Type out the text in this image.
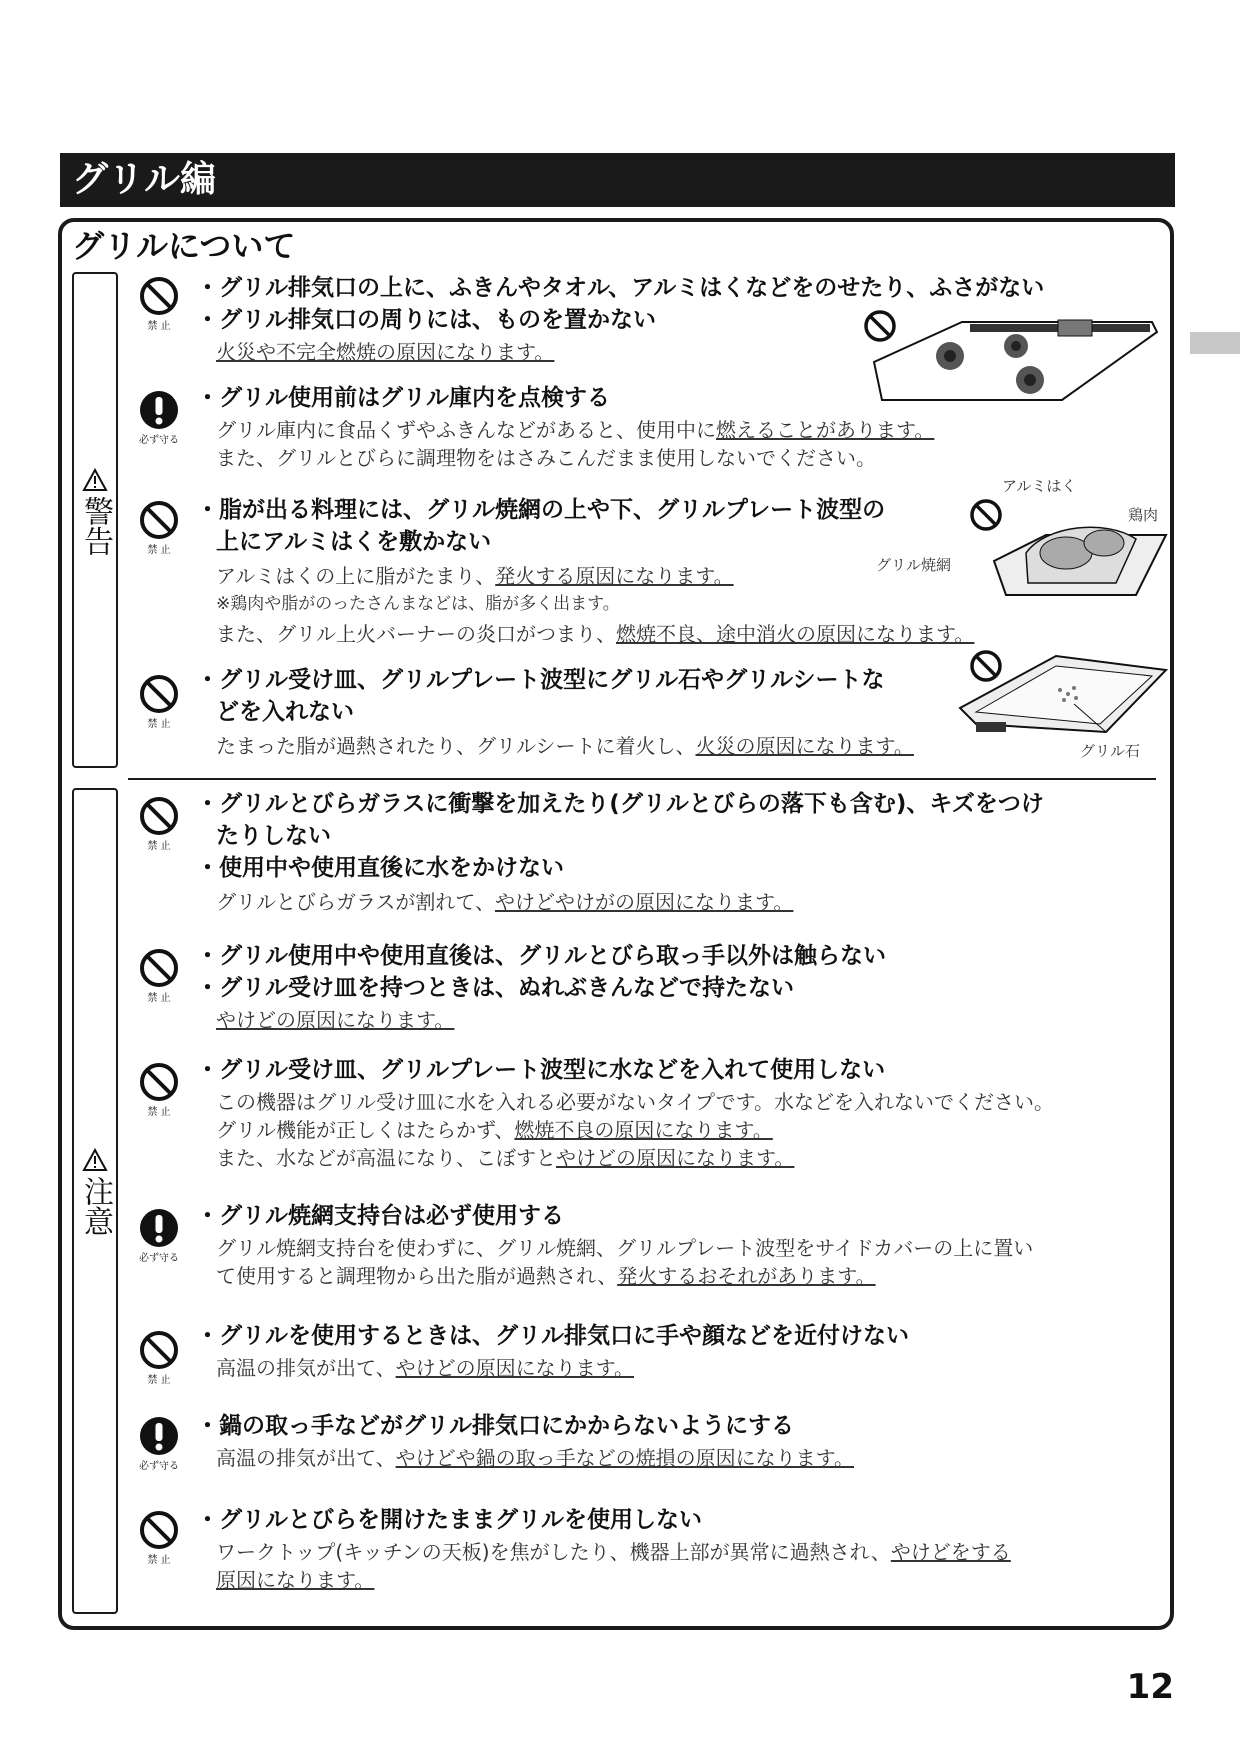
グリル編
グリルについて
警告
注意
禁 止
・グリル排気口の上に、ふきんやタオル、アルミはくなどをのせたり、ふさがない
・グリル排気口の周りには、ものを置かない
火災や不完全燃焼の原因になります。
必ず守る
・グリル使用前はグリル庫内を点検する
グリル庫内に食品くずやふきんなどがあると、使用中に燃えることがあります。
また、グリルとびらに調理物をはさみこんだまま使用しないでください。
禁 止
・脂が出る料理には、グリル焼網の上や下、グリルプレート波型の
上にアルミはくを敷かない
アルミはくの上に脂がたまり、発火する原因になります。
※鶏肉や脂がのったさんまなどは、脂が多く出ます。
また、グリル上火バーナーの炎口がつまり、燃焼不良、途中消火の原因になります。
アルミはく
鶏肉
グリル焼網
禁 止
・グリル受け皿、グリルプレート波型にグリル石やグリルシートな
どを入れない
たまった脂が過熱されたり、グリルシートに着火し、火災の原因になります。	グリル石
禁 止
・グリルとびらガラスに衝撃を加えたり(グリルとびらの落下も含む)、キズをつけ
たりしない
・使用中や使用直後に水をかけない
グリルとびらガラスが割れて、やけどやけがの原因になります。
禁 止
・グリル使用中や使用直後は、グリルとびら取っ手以外は触らない
・グリル受け皿を持つときは、ぬれぶきんなどで持たない
やけどの原因になります。
禁 止
・グリル受け皿、グリルプレート波型に水などを入れて使用しない
この機器はグリル受け皿に水を入れる必要がないタイプです。水などを入れないでください。
グリル機能が正しくはたらかず、燃焼不良の原因になります。
また、水などが高温になり、こぼすとやけどの原因になります。
必ず守る
・グリル焼網支持台は必ず使用する
グリル焼網支持台を使わずに、グリル焼網、グリルプレート波型をサイドカバーの上に置い
て使用すると調理物から出た脂が過熱され、発火するおそれがあります。
禁 止
・グリルを使用するときは、グリル排気口に手や顔などを近付けない
高温の排気が出て、やけどの原因になります。
必ず守る
・鍋の取っ手などがグリル排気口にかからないようにする
高温の排気が出て、やけどや鍋の取っ手などの焼損の原因になります。
禁 止
・グリルとびらを開けたままグリルを使用しない
ワークトップ(キッチンの天板)を焦がしたり、機器上部が異常に過熱され、やけどをする
原因になります。
12
